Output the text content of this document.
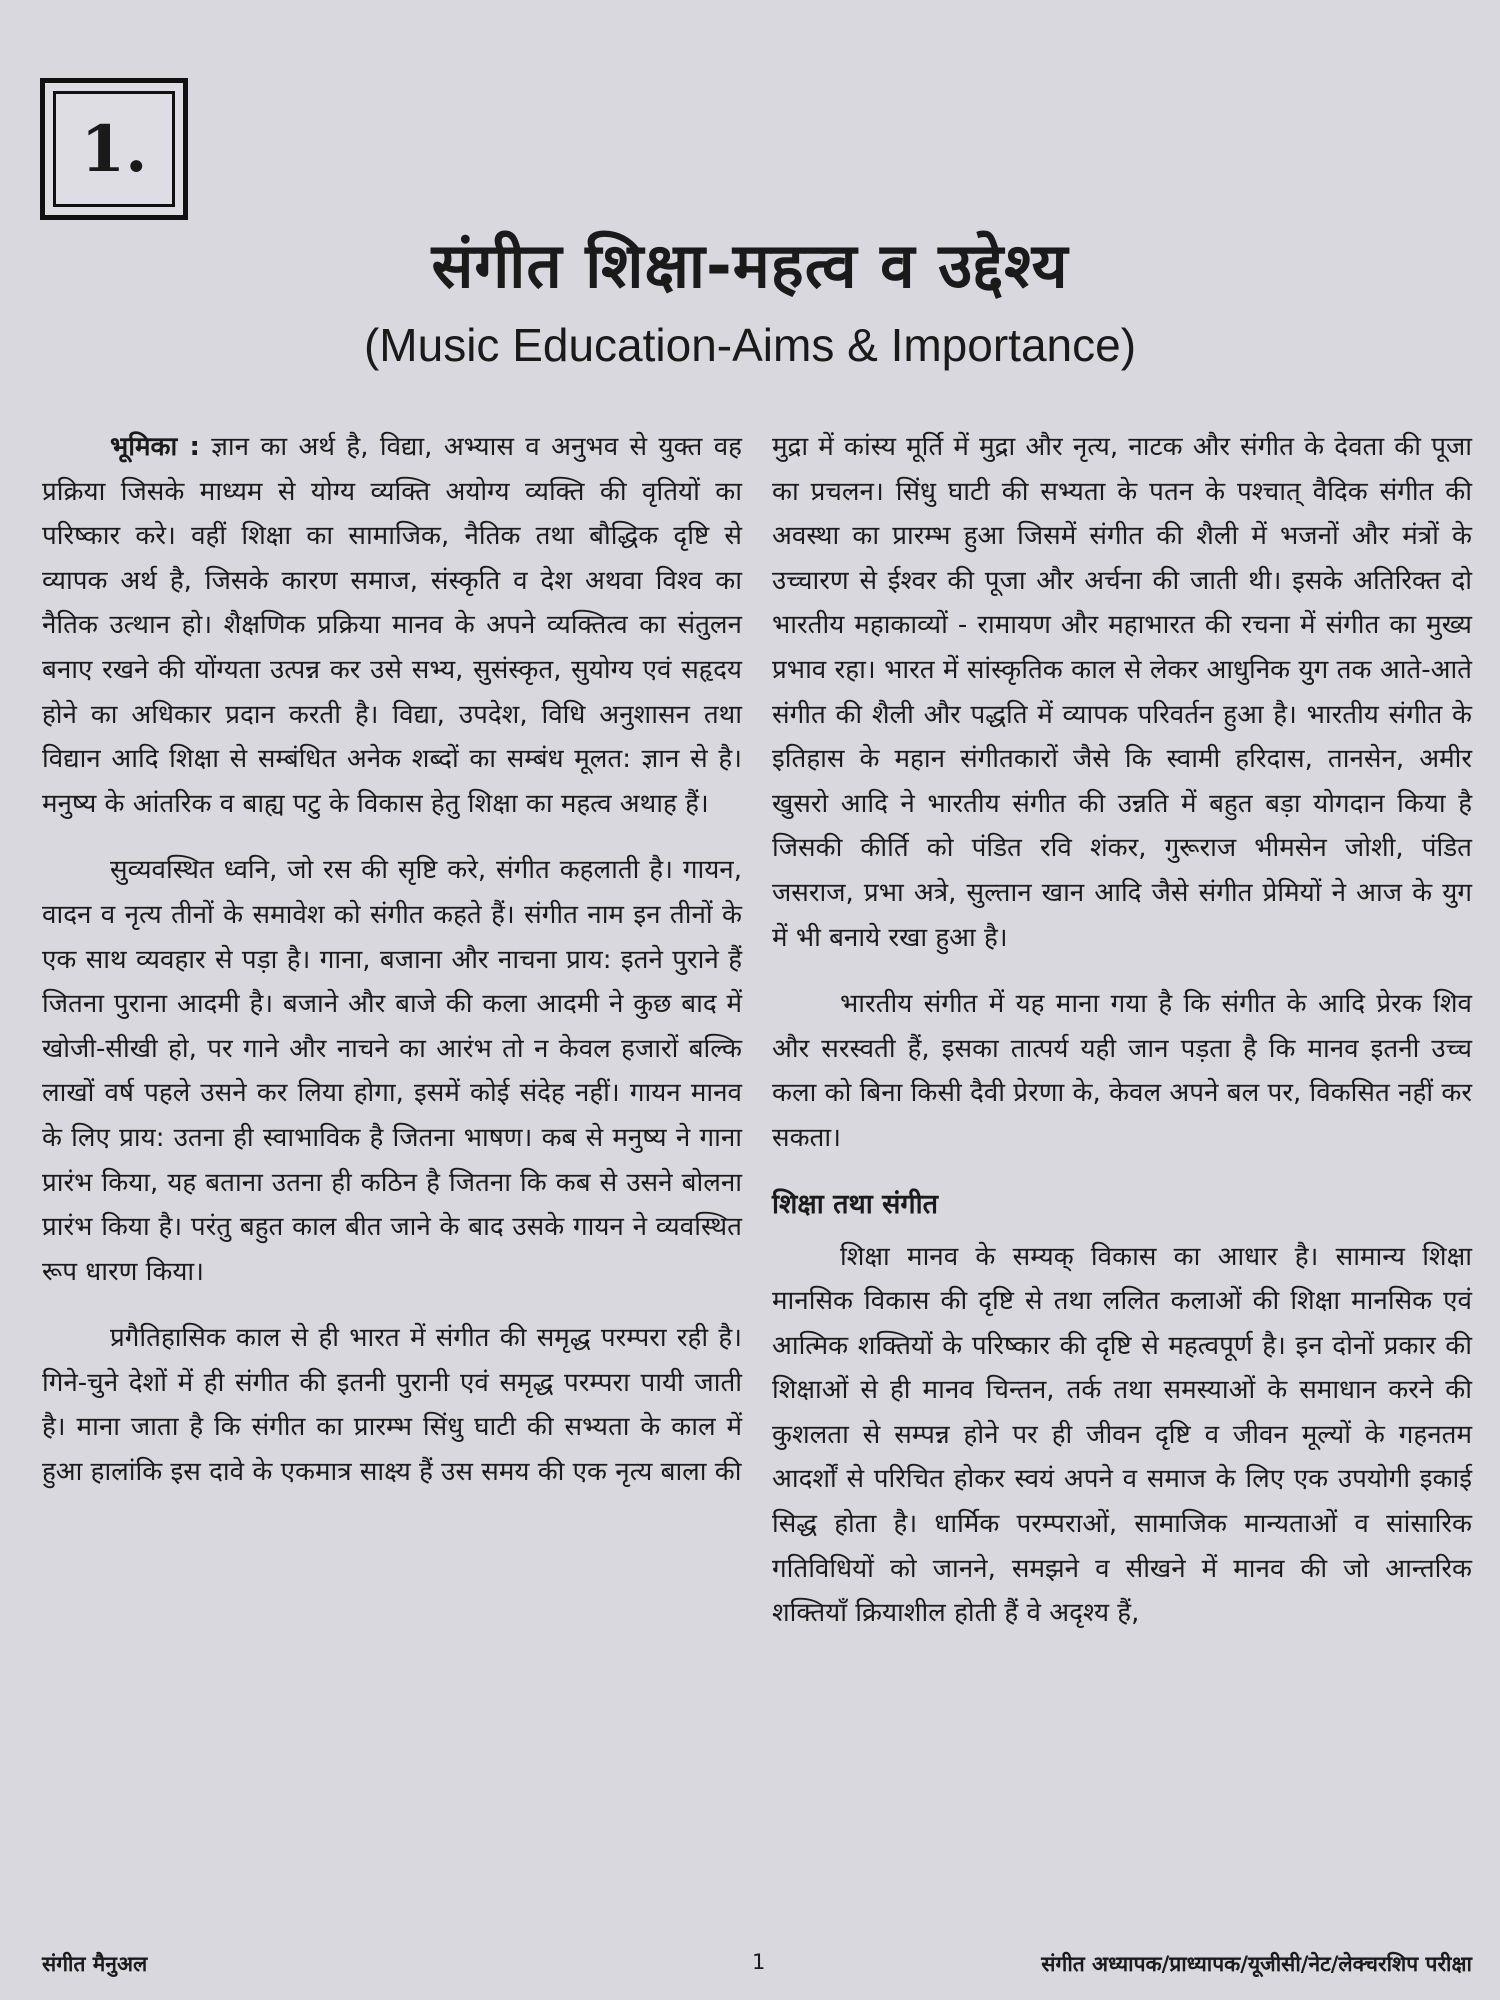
1.
संगीत शिक्षा-महत्व व उद्देश्य
(Music Education-Aims & Importance)

भूमिका : ज्ञान का अर्थ है, विद्या, अभ्यास व अनुभव से युक्त वह प्रक्रिया जिसके माध्यम से योग्य व्यक्ति अयोग्य व्यक्ति की वृतियों का परिष्कार करे। वहीं शिक्षा का सामाजिक, नैतिक तथा बौद्धिक दृष्टि से व्यापक अर्थ है, जिसके कारण समाज, संस्कृति व देश अथवा विश्व का नैतिक उत्थान हो। शैक्षणिक प्रक्रिया मानव के अपने व्यक्तित्व का संतुलन बनाए रखने की योंग्यता उत्पन्न कर उसे सभ्य, सुसंस्कृत, सुयोग्य एवं सहृदय होने का अधिकार प्रदान करती है। विद्या, उपदेश, विधि अनुशासन तथा विद्यान आदि शिक्षा से सम्बंधित अनेक शब्दों का सम्बंध मूलत: ज्ञान से है। मनुष्य के आंतरिक व बाह्य पटु के विकास हेतु शिक्षा का महत्व अथाह हैं।

सुव्यवस्थित ध्वनि, जो रस की सृष्टि करे, संगीत कहलाती है। गायन, वादन व नृत्य तीनों के समावेश को संगीत कहते हैं। संगीत नाम इन तीनों के एक साथ व्यवहार से पड़ा है। गाना, बजाना और नाचना प्राय: इतने पुराने हैं जितना पुराना आदमी है। बजाने और बाजे की कला आदमी ने कुछ बाद में खोजी-सीखी हो, पर गाने और नाचने का आरंभ तो न केवल हजारों बल्कि लाखों वर्ष पहले उसने कर लिया होगा, इसमें कोई संदेह नहीं। गायन मानव के लिए प्राय: उतना ही स्वाभाविक है जितना भाषण। कब से मनुष्य ने गाना प्रारंभ किया, यह बताना उतना ही कठिन है जितना कि कब से उसने बोलना प्रारंभ किया है। परंतु बहुत काल बीत जाने के बाद उसके गायन ने व्यवस्थित रूप धारण किया।

प्रगैतिहासिक काल से ही भारत में संगीत की समृद्ध परम्परा रही है। गिने-चुने देशों में ही संगीत की इतनी पुरानी एवं समृद्ध परम्परा पायी जाती है। माना जाता है कि संगीत का प्रारम्भ सिंधु घाटी की सभ्यता के काल में हुआ हालांकि इस दावे के एकमात्र साक्ष्य हैं उस समय की एक नृत्य बाला की

मुद्रा में कांस्य मूर्ति में मुद्रा और नृत्य, नाटक और संगीत के देवता की पूजा का प्रचलन। सिंधु घाटी की सभ्यता के पतन के पश्चात् वैदिक संगीत की अवस्था का प्रारम्भ हुआ जिसमें संगीत की शैली में भजनों और मंत्रों के उच्चारण से ईश्वर की पूजा और अर्चना की जाती थी। इसके अतिरिक्त दो भारतीय महाकाव्यों - रामायण और महाभारत की रचना में संगीत का मुख्य प्रभाव रहा। भारत में सांस्कृतिक काल से लेकर आधुनिक युग तक आते-आते संगीत की शैली और पद्धति में व्यापक परिवर्तन हुआ है। भारतीय संगीत के इतिहास के महान संगीतकारों जैसे कि स्वामी हरिदास, तानसेन, अमीर खुसरो आदि ने भारतीय संगीत की उन्नति में बहुत बड़ा योगदान किया है जिसकी कीर्ति को पंडित रवि शंकर, गुरूराज भीमसेन जोशी, पंडित जसराज, प्रभा अत्रे, सुल्तान खान आदि जैसे संगीत प्रेमियों ने आज के युग में भी बनाये रखा हुआ है।

भारतीय संगीत में यह माना गया है कि संगीत के आदि प्रेरक शिव और सरस्वती हैं, इसका तात्पर्य यही जान पड़ता है कि मानव इतनी उच्च कला को बिना किसी दैवी प्रेरणा के, केवल अपने बल पर, विकसित नहीं कर सकता।

शिक्षा तथा संगीत

शिक्षा मानव के सम्यक् विकास का आधार है। सामान्य शिक्षा मानसिक विकास की दृष्टि से तथा ललित कलाओं की शिक्षा मानसिक एवं आत्मिक शक्तियों के परिष्कार की दृष्टि से महत्वपूर्ण है। इन दोनों प्रकार की शिक्षाओं से ही मानव चिन्तन, तर्क तथा समस्याओं के समाधान करने की कुशलता से सम्पन्न होने पर ही जीवन दृष्टि व जीवन मूल्यों के गहनतम आदर्शों से परिचित होकर स्वयं अपने व समाज के लिए एक उपयोगी इकाई सिद्ध होता है। धार्मिक परम्पराओं, सामाजिक मान्यताओं व सांसारिक गतिविधियों को जानने, समझने व सीखने में मानव की जो आन्तरिक शक्तियाँ क्रियाशील होती हैं वे अदृश्य हैं,

संगीत मैनुअल	1	संगीत अध्यापक/प्राध्यापक/यूजीसी/नेट/लेक्चरशिप परीक्षा
